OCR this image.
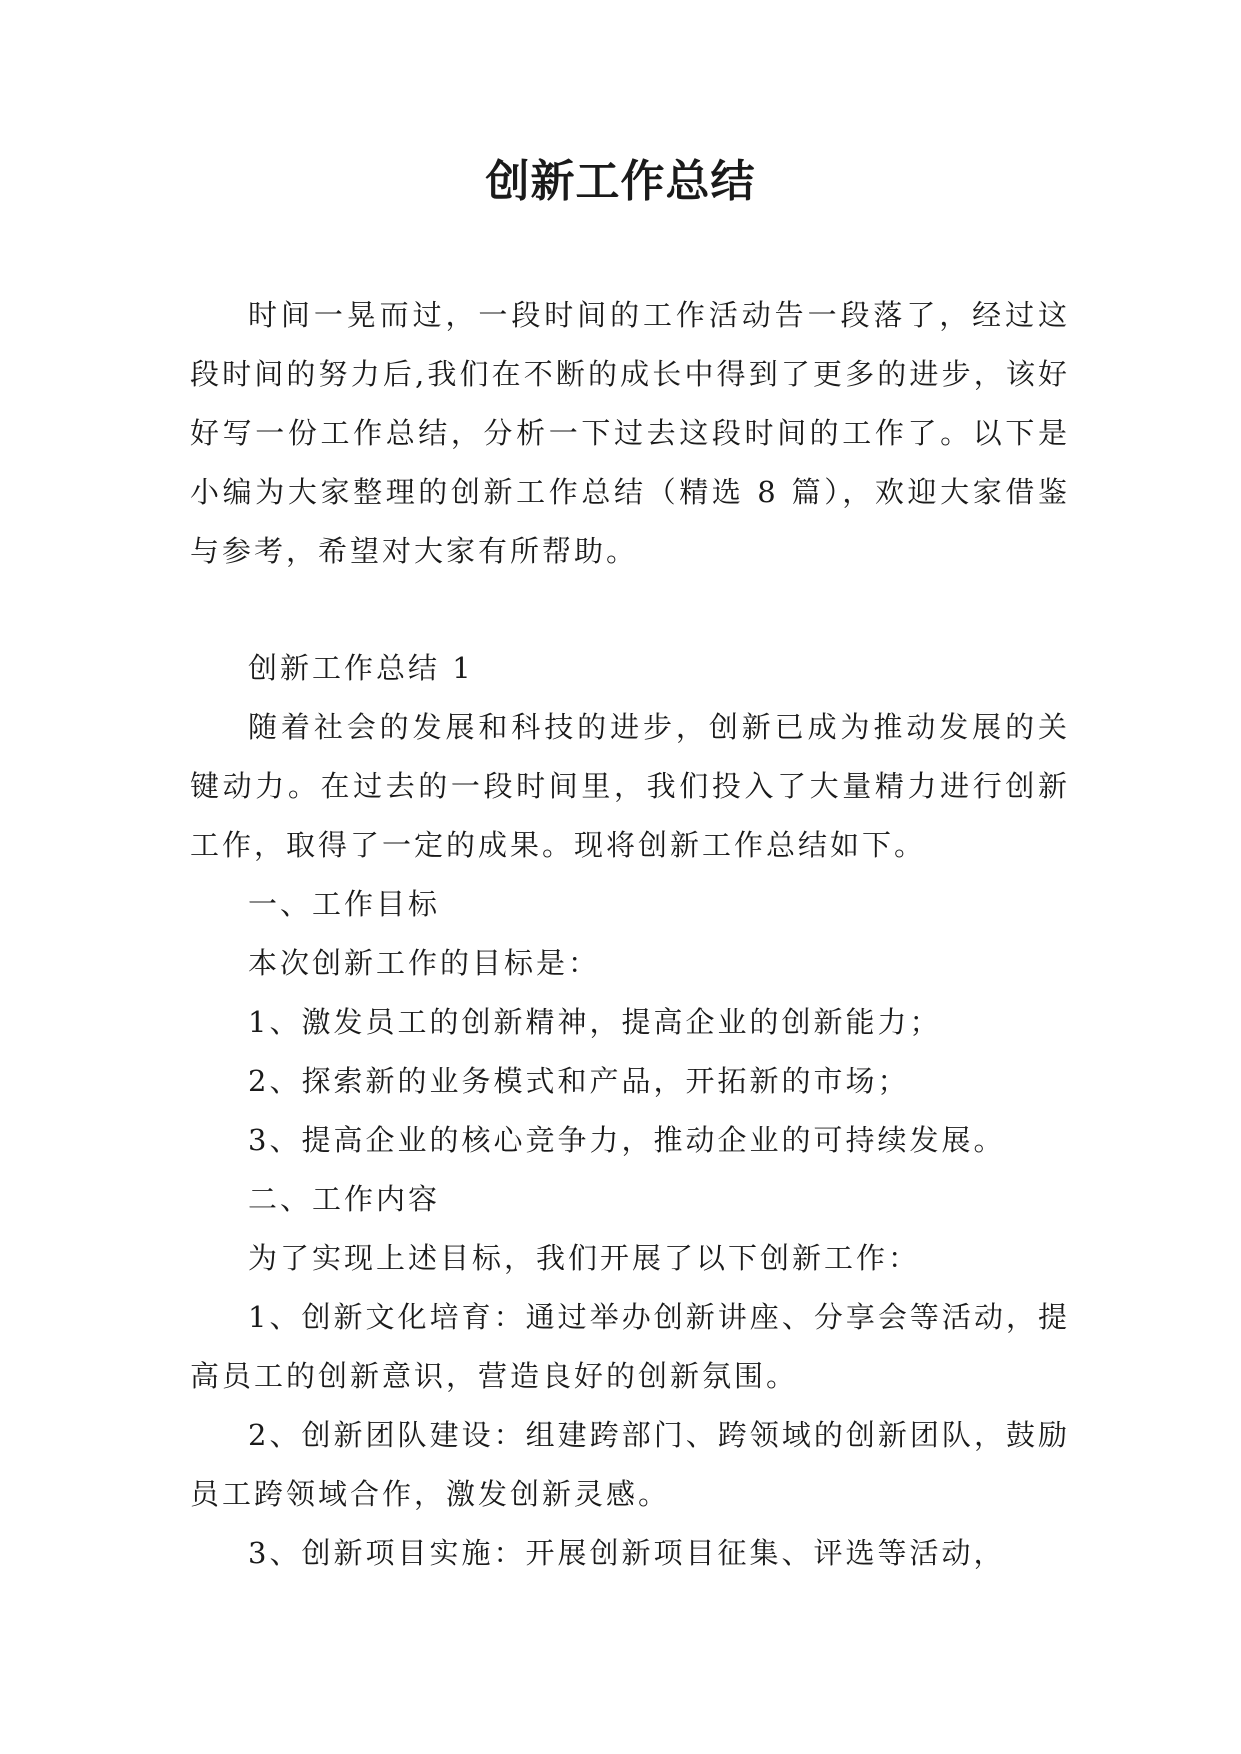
创新工作总结

时间一晃而过，一段时间的工作活动告一段落了，经过这段时间的努力后,我们在不断的成长中得到了更多的进步，该好好写一份工作总结，分析一下过去这段时间的工作了。以下是小编为大家整理的创新工作总结（精选 8 篇），欢迎大家借鉴与参考，希望对大家有所帮助。

创新工作总结 1

随着社会的发展和科技的进步，创新已成为推动发展的关键动力。在过去的一段时间里，我们投入了大量精力进行创新工作，取得了一定的成果。现将创新工作总结如下。

一、工作目标

本次创新工作的目标是：

1、激发员工的创新精神，提高企业的创新能力；

2、探索新的业务模式和产品，开拓新的市场；

3、提高企业的核心竞争力，推动企业的可持续发展。

二、工作内容

为了实现上述目标，我们开展了以下创新工作：

1、创新文化培育：通过举办创新讲座、分享会等活动，提高员工的创新意识，营造良好的创新氛围。

2、创新团队建设：组建跨部门、跨领域的创新团队，鼓励员工跨领域合作，激发创新灵感。

3、创新项目实施：开展创新项目征集、评选等活动，
